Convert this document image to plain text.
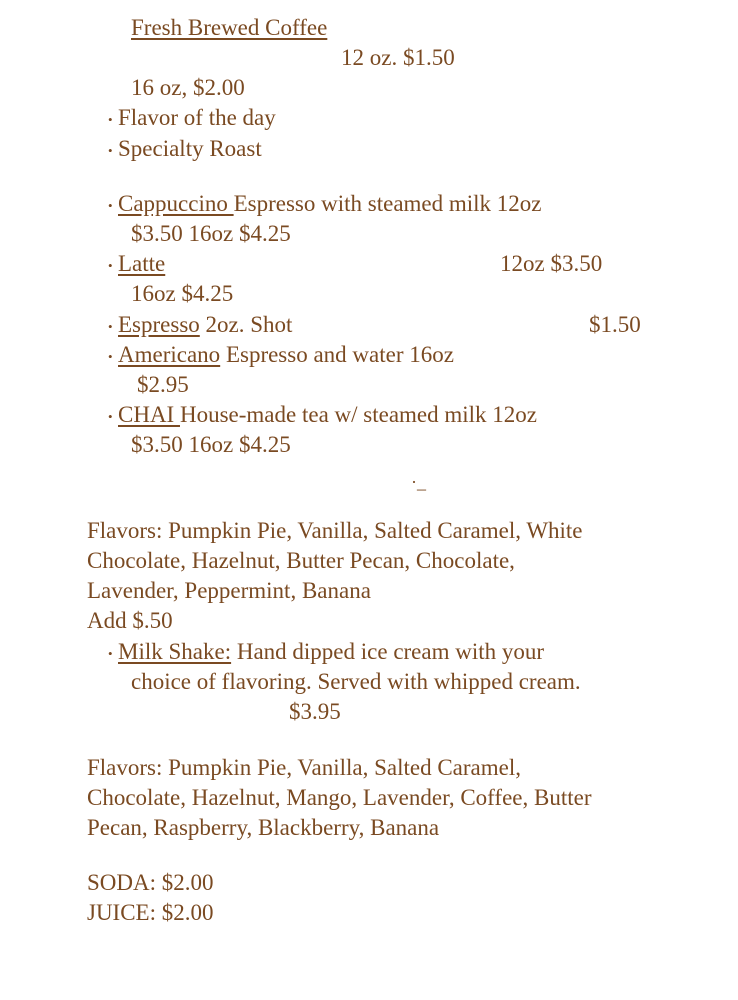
Fresh Brewed Coffee
12 oz. $1.50
16 oz, $2.00
• Flavor of the day
• Specialty Roast
• Cappuccino Espresso with steamed milk 12oz
$3.50 16oz $4.25
• Latte	12oz $3.50
16oz $4.25
• Espresso 2oz. Shot	$1.50
• Americano Espresso and water 16oz
$2.95
• CHAI House-made tea w/ steamed milk 12oz
$3.50 16oz $4.25
·_
Flavors: Pumpkin Pie, Vanilla, Salted Caramel, White
Chocolate, Hazelnut, Butter Pecan, Chocolate,
Lavender, Peppermint, Banana
Add $.50
• Milk Shake: Hand dipped ice cream with your
choice of flavoring. Served with whipped cream.
$3.95
Flavors: Pumpkin Pie, Vanilla, Salted Caramel,
Chocolate, Hazelnut, Mango, Lavender, Coffee, Butter
Pecan, Raspberry, Blackberry, Banana
SODA: $2.00
JUICE: $2.00
